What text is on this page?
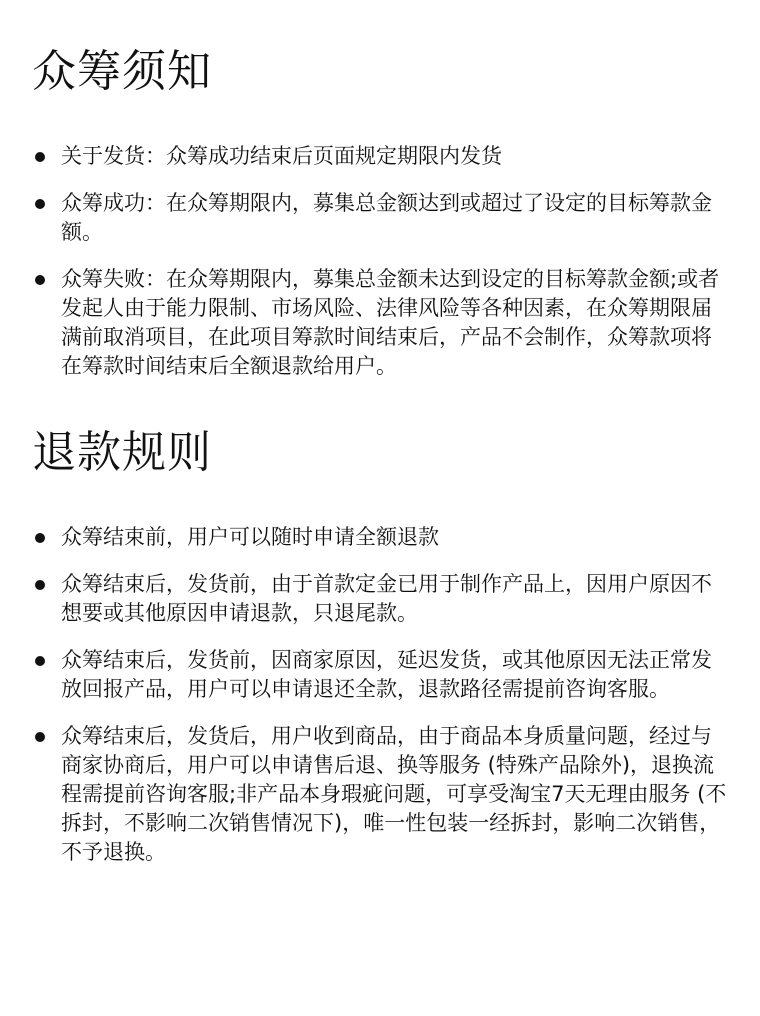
众筹须知
关于发货：众筹成功结束后页面规定期限内发货
众筹成功：在众筹期限内，募集总金额达到或超过了设定的目标筹款金额。
众筹失败：在众筹期限内，募集总金额未达到设定的目标筹款金额;或者发起人由于能力限制、市场风险、法律风险等各种因素，在众筹期限届满前取消项目，在此项目筹款时间结束后，产品不会制作，众筹款项将在筹款时间结束后全额退款给用户。
退款规则
众筹结束前，用户可以随时申请全额退款
众筹结束后，发货前，由于首款定金已用于制作产品上，因用户原因不想要或其他原因申请退款，只退尾款。
众筹结束后，发货前，因商家原因，延迟发货，或其他原因无法正常发放回报产品，用户可以申请退还全款，退款路径需提前咨询客服。
众筹结束后，发货后，用户收到商品，由于商品本身质量问题，经过与商家协商后，用户可以申请售后退、换等服务 (特殊产品除外)，退换流程需提前咨询客服;非产品本身瑕疵问题，可享受淘宝7天无理由服务 (不拆封，不影响二次销售情况下)，唯一性包装一经拆封，影响二次销售，不予退换。
